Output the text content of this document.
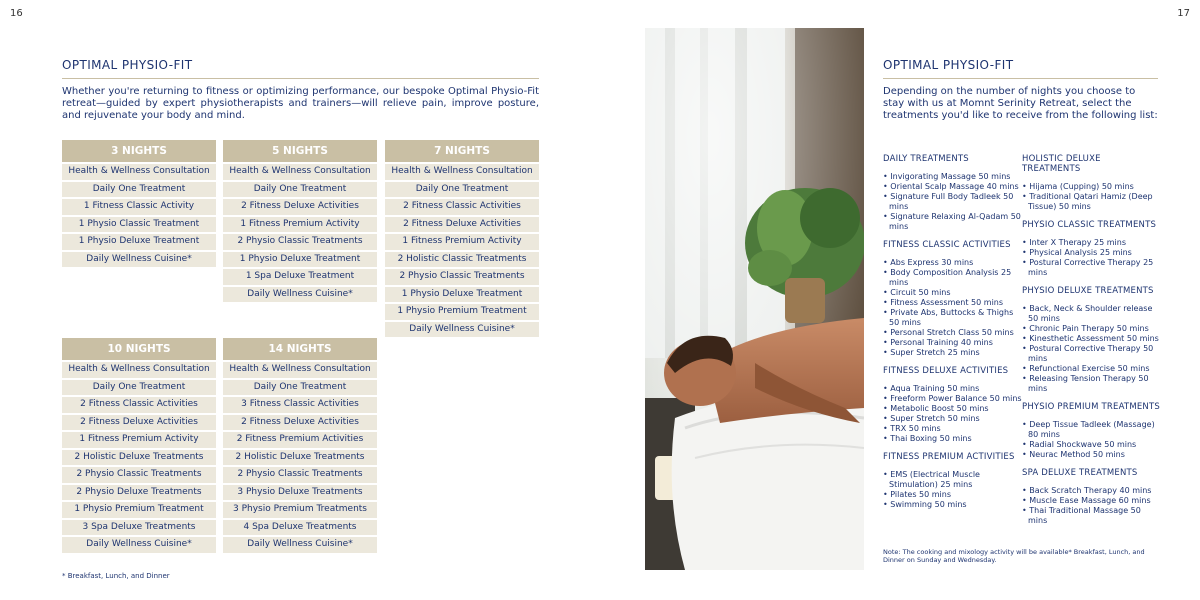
16	17
OPTIMAL PHYSIO-FIT

Whether you're returning to fitness or optimizing performance, our bespoke Optimal Physio-Fit retreat—guided by expert physiotherapists and trainers—will relieve pain, improve posture, and rejuvenate your body and mind.

3 NIGHTS
Health & Wellness Consultation
Daily One Treatment
1 Fitness Classic Activity
1 Physio Classic Treatment
1 Physio Deluxe Treatment
Daily Wellness Cuisine*
5 NIGHTS
Health & Wellness Consultation
Daily One Treatment
2 Fitness Deluxe Activities
1 Fitness Premium Activity
2 Physio Classic Treatments
1 Physio Deluxe Treatment
1 Spa Deluxe Treatment
Daily Wellness Cuisine*
7 NIGHTS
Health & Wellness Consultation
Daily One Treatment
2 Fitness Classic Activities
2 Fitness Deluxe Activities
1 Fitness Premium Activity
2 Holistic Classic Treatments
2 Physio Classic Treatments
1 Physio Deluxe Treatment
1 Physio Premium Treatment
Daily Wellness Cuisine*
10 NIGHTS
Health & Wellness Consultation
Daily One Treatment
2 Fitness Classic Activities
2 Fitness Deluxe Activities
1 Fitness Premium Activity
2 Holistic Deluxe Treatments
2 Physio Classic Treatments
2 Physio Deluxe Treatments
1 Physio Premium Treatment
3 Spa Deluxe Treatments
Daily Wellness Cuisine*
14 NIGHTS
Health & Wellness Consultation
Daily One Treatment
3 Fitness Classic Activities
2 Fitness Deluxe Activities
2 Fitness Premium Activities
2 Holistic Deluxe Treatments
2 Physio Classic Treatments
3 Physio Deluxe Treatments
3 Physio Premium Treatments
4 Spa Deluxe Treatments
Daily Wellness Cuisine*
* Breakfast, Lunch, and Dinner
OPTIMAL PHYSIO-FIT

Depending on the number of nights you choose to stay with us at Momnt Serinity Retreat, select the treatments you'd like to receive from the following list:

DAILY TREATMENTS
• Invigorating Massage 50 mins
• Oriental Scalp Massage 40 mins
• Signature Full Body Tadleek 50 mins
• Signature Relaxing Al-Qadam 50 mins
FITNESS CLASSIC ACTIVITIES
• Abs Express 30 mins
• Body Composition Analysis 25 mins
• Circuit 50 mins
• Fitness Assessment 50 mins
• Private Abs, Buttocks & Thighs 50 mins
• Personal Stretch Class 50 mins
• Personal Training 40 mins
• Super Stretch 25 mins
FITNESS DELUXE ACTIVITIES
• Aqua Training 50 mins
• Freeform Power Balance 50 mins
• Metabolic Boost 50 mins
• Super Stretch 50 mins
• TRX 50 mins
• Thai Boxing 50 mins
FITNESS PREMIUM ACTIVITIES
• EMS (Electrical Muscle Stimulation) 25 mins
• Pilates 50 mins
• Swimming 50 mins
HOLISTIC DELUXE TREATMENTS
• Hijama (Cupping) 50 mins
• Traditional Qatari Hamiz (Deep Tissue) 50 mins
PHYSIO CLASSIC TREATMENTS
• Inter X Therapy 25 mins
• Physical Analysis 25 mins
• Postural Corrective Therapy 25 mins
PHYSIO DELUXE TREATMENTS
• Back, Neck & Shoulder release 50 mins
• Chronic Pain Therapy 50 mins
• Kinesthetic Assessment 50 mins
• Postural Corrective Therapy 50 mins
• Refunctional Exercise 50 mins
• Releasing Tension Therapy 50 mins
PHYSIO PREMIUM TREATMENTS
• Deep Tissue Tadleek (Massage) 80 mins
• Radial Shockwave 50 mins
• Neurac Method 50 mins
SPA DELUXE TREATMENTS
• Back Scratch Therapy 40 mins
• Muscle Ease Massage 60 mins
• Thai Traditional Massage 50 mins
Note: The cooking and mixology activity will be available* Breakfast, Lunch, and Dinner on Sunday and Wednesday.
